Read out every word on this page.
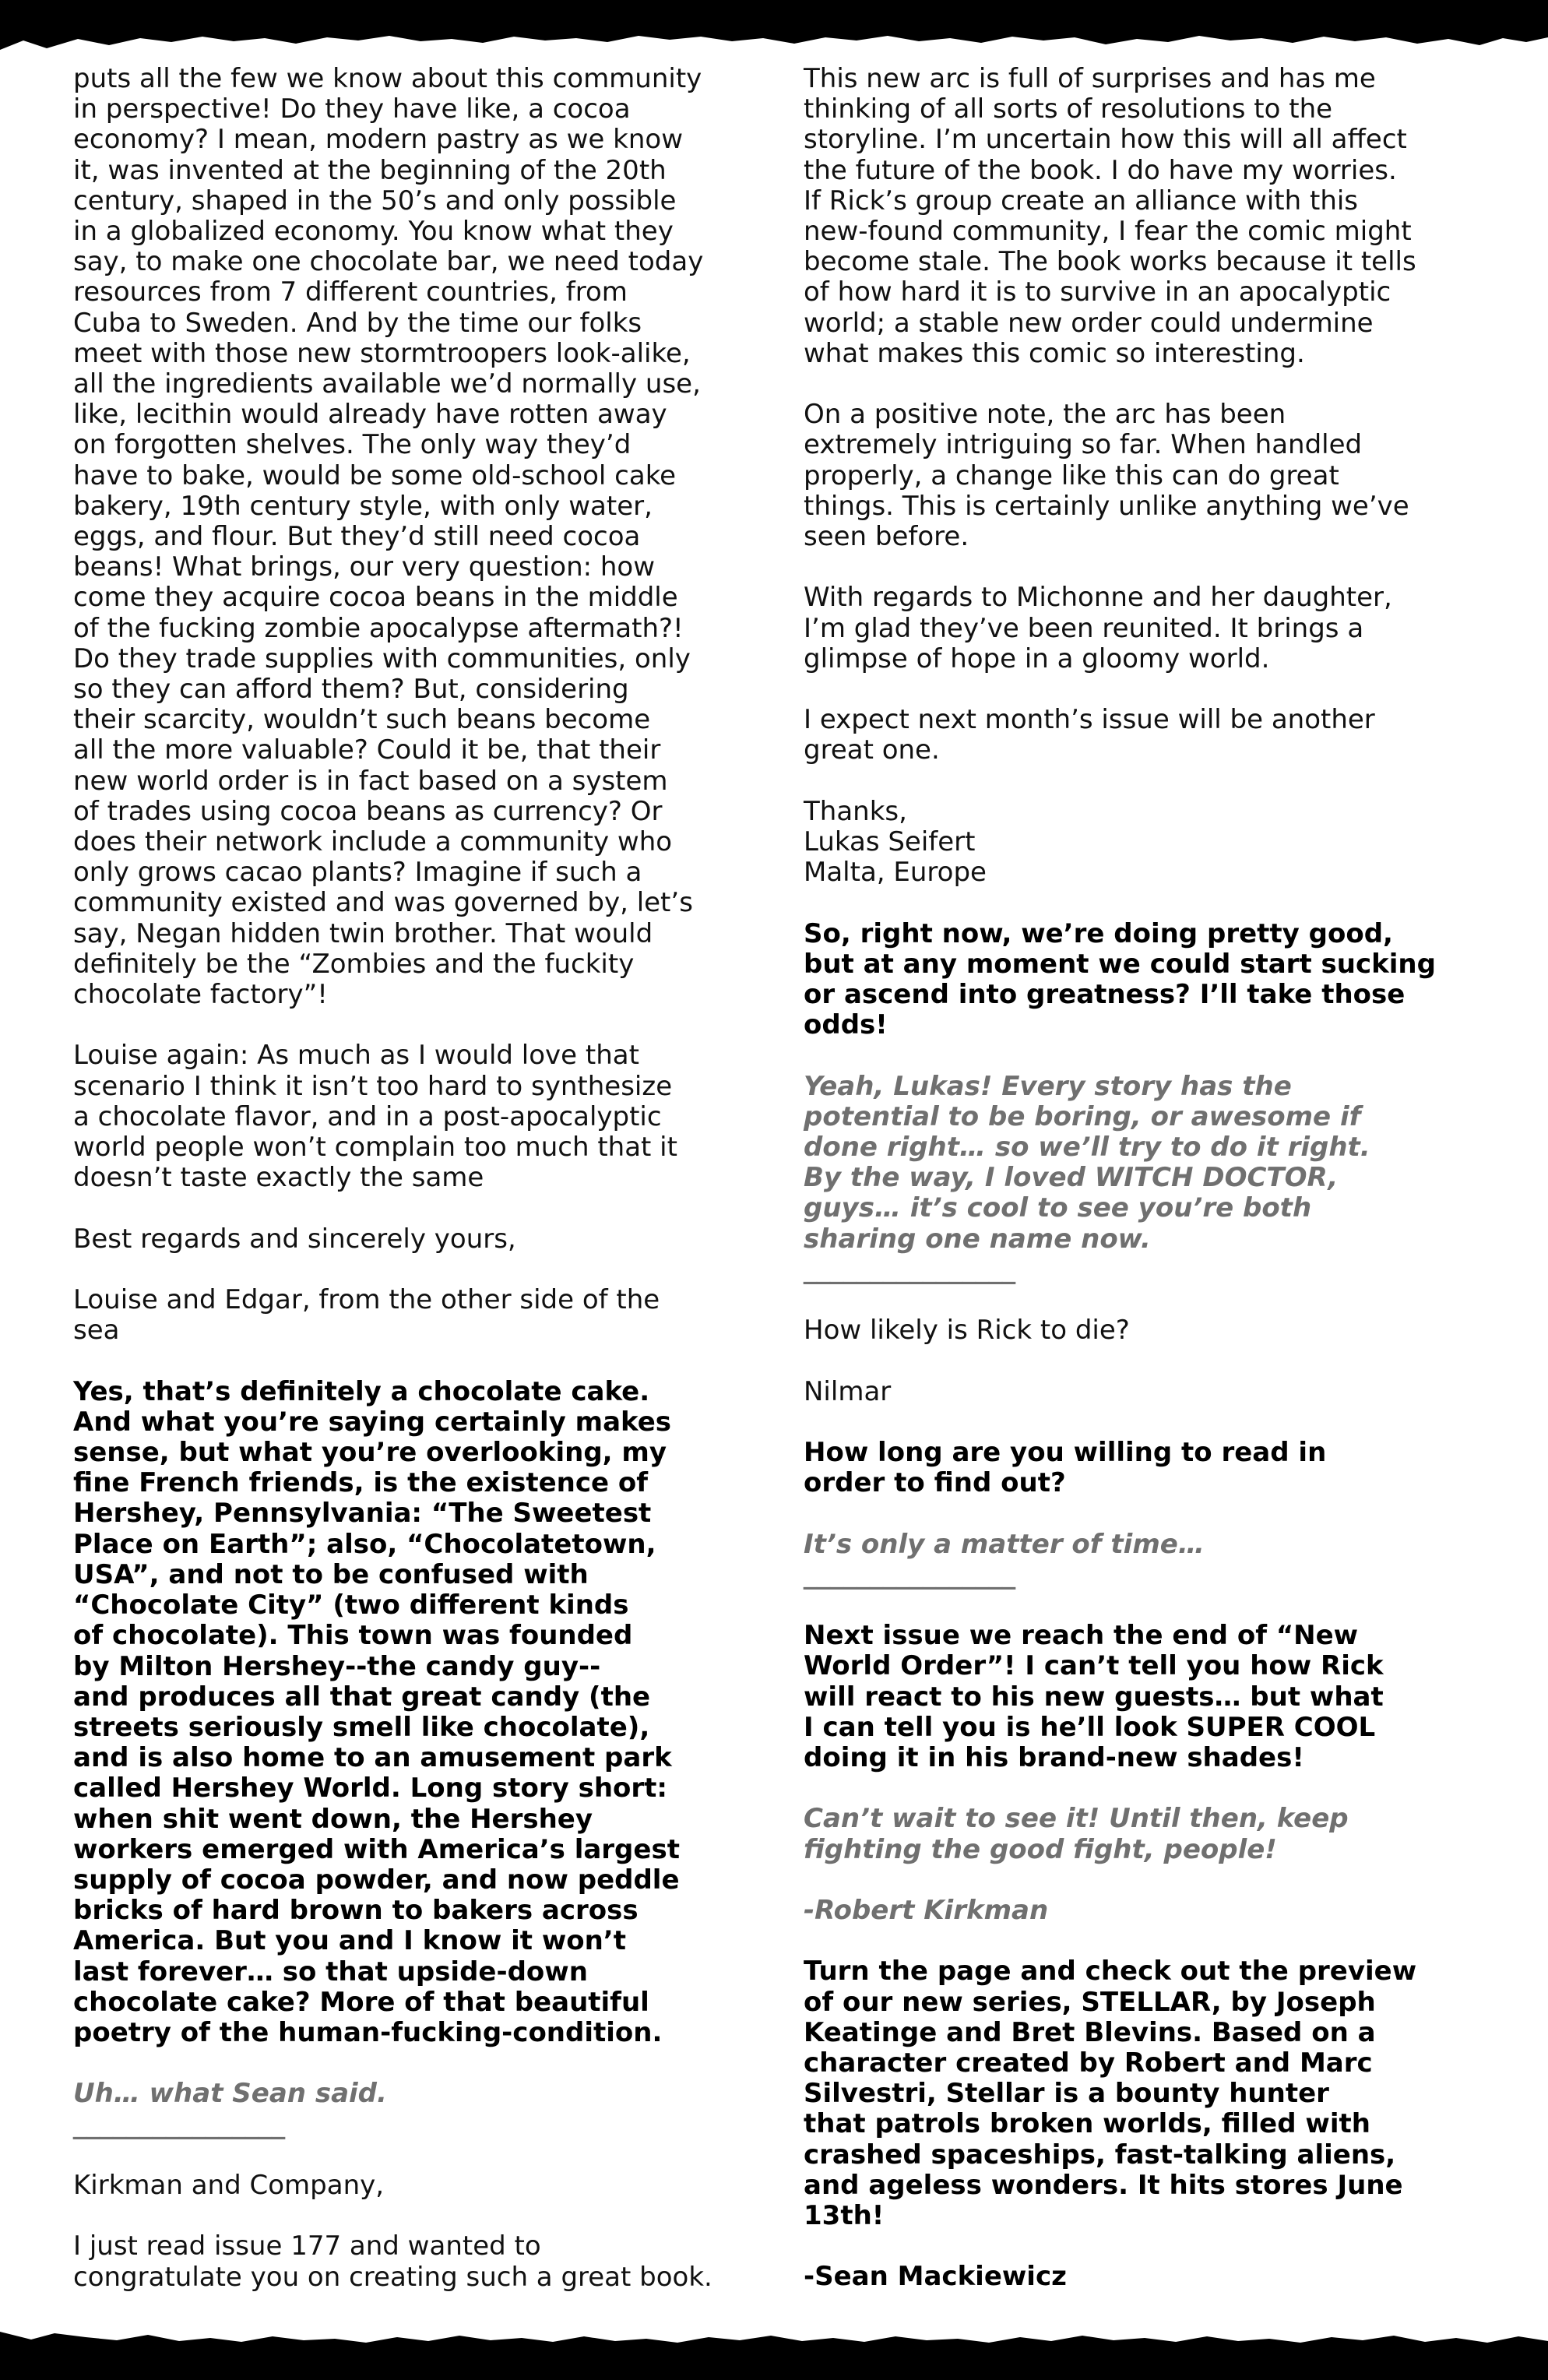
puts all the few we know about this community
in perspective! Do they have like, a cocoa
economy? I mean, modern pastry as we know
it, was invented at the beginning of the 20th
century, shaped in the 50’s and only possible
in a globalized economy. You know what they
say, to make one chocolate bar, we need today
resources from 7 different countries, from
Cuba to Sweden. And by the time our folks
meet with those new stormtroopers look-alike,
all the ingredients available we’d normally use,
like, lecithin would already have rotten away
on forgotten shelves. The only way they’d
have to bake, would be some old-school cake
bakery, 19th century style, with only water,
eggs, and flour. But they’d still need cocoa
beans! What brings, our very question: how
come they acquire cocoa beans in the middle
of the fucking zombie apocalypse aftermath?!
Do they trade supplies with communities, only
so they can afford them? But, considering
their scarcity, wouldn’t such beans become
all the more valuable? Could it be, that their
new world order is in fact based on a system
of trades using cocoa beans as currency? Or
does their network include a community who
only grows cacao plants? Imagine if such a
community existed and was governed by, let’s
say, Negan hidden twin brother. That would
definitely be the “Zombies and the fuckity
chocolate factory”!

Louise again: As much as I would love that
scenario I think it isn’t too hard to synthesize
a chocolate flavor, and in a post-apocalyptic
world people won’t complain too much that it
doesn’t taste exactly the same

Best regards and sincerely yours,

Louise and Edgar, from the other side of the
sea

Yes, that’s definitely a chocolate cake.
And what you’re saying certainly makes
sense, but what you’re overlooking, my
fine French friends, is the existence of
Hershey, Pennsylvania: “The Sweetest
Place on Earth”; also, “Chocolatetown,
USA”, and not to be confused with
“Chocolate City” (two different kinds
of chocolate). This town was founded
by Milton Hershey--the candy guy--
and produces all that great candy (the
streets seriously smell like chocolate),
and is also home to an amusement park
called Hershey World. Long story short:
when shit went down, the Hershey
workers emerged with America’s largest
supply of cocoa powder, and now peddle
bricks of hard brown to bakers across
America. But you and I know it won’t
last forever… so that upside-down
chocolate cake? More of that beautiful
poetry of the human-fucking-condition.

Uh… what Sean said.
________________

Kirkman and Company,

I just read issue 177 and wanted to
congratulate you on creating such a great book.

This new arc is full of surprises and has me
thinking of all sorts of resolutions to the
storyline. I’m uncertain how this will all affect
the future of the book. I do have my worries.
If Rick’s group create an alliance with this
new-found community, I fear the comic might
become stale. The book works because it tells
of how hard it is to survive in an apocalyptic
world; a stable new order could undermine
what makes this comic so interesting.

On a positive note, the arc has been
extremely intriguing so far. When handled
properly, a change like this can do great
things. This is certainly unlike anything we’ve
seen before.

With regards to Michonne and her daughter,
I’m glad they’ve been reunited. It brings a
glimpse of hope in a gloomy world.

I expect next month’s issue will be another
great one.

Thanks,
Lukas Seifert
Malta, Europe

So, right now, we’re doing pretty good,
but at any moment we could start sucking
or ascend into greatness? I’ll take those
odds!

Yeah, Lukas! Every story has the
potential to be boring, or awesome if
done right… so we’ll try to do it right.
By the way, I loved WITCH DOCTOR,
guys… it’s cool to see you’re both
sharing one name now.
________________

How likely is Rick to die?

Nilmar

How long are you willing to read in
order to find out?

It’s only a matter of time…
________________

Next issue we reach the end of “New
World Order”! I can’t tell you how Rick
will react to his new guests… but what
I can tell you is he’ll look SUPER COOL
doing it in his brand-new shades!

Can’t wait to see it! Until then, keep
fighting the good fight, people!

-Robert Kirkman

Turn the page and check out the preview
of our new series, STELLAR, by Joseph
Keatinge and Bret Blevins. Based on a
character created by Robert and Marc
Silvestri, Stellar is a bounty hunter
that patrols broken worlds, filled with
crashed spaceships, fast-talking aliens,
and ageless wonders. It hits stores June
13th!

-Sean Mackiewicz
